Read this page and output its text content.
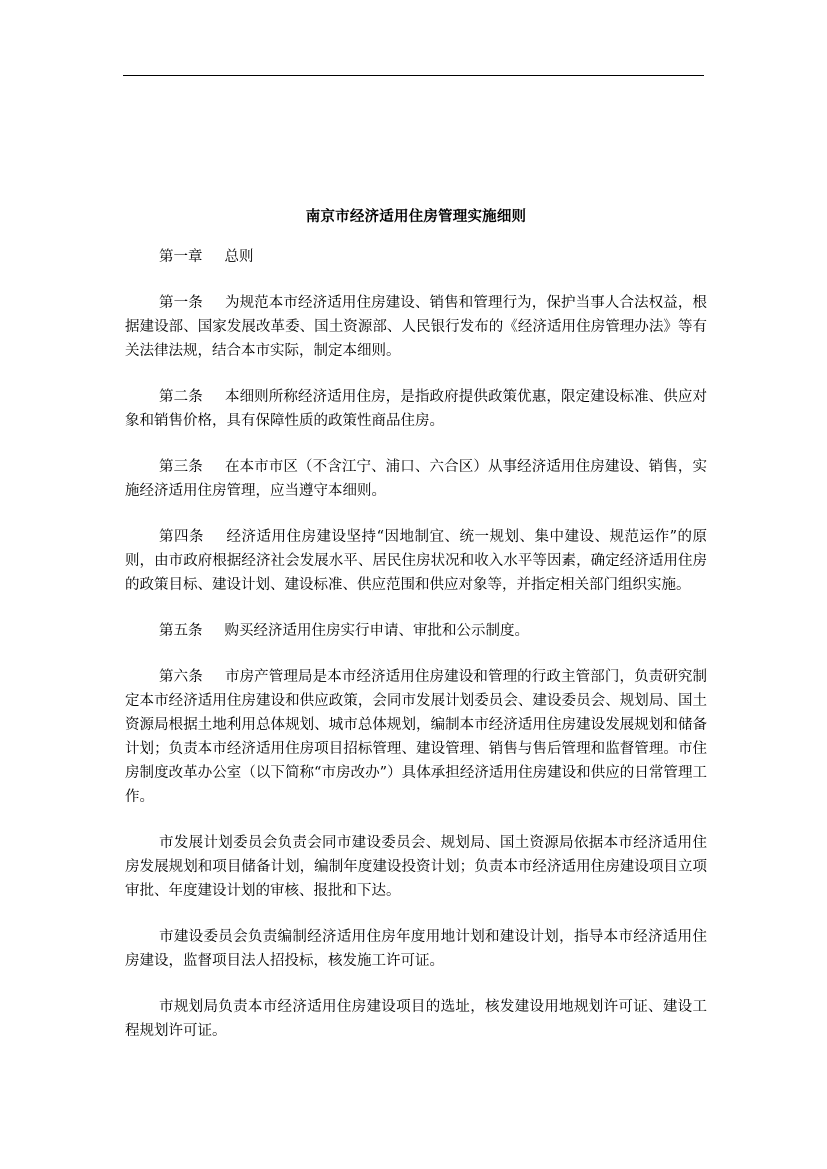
南京市经济适用住房管理实施细则

第一章 总则

第一条 为规范本市经济适用住房建设、销售和管理行为，保护当事人合法权益，根据建设部、国家发展改革委、国土资源部、人民银行发布的《经济适用住房管理办法》等有关法律法规，结合本市实际，制定本细则。

第二条 本细则所称经济适用住房，是指政府提供政策优惠，限定建设标准、供应对象和销售价格，具有保障性质的政策性商品住房。

第三条 在本市市区（不含江宁、浦口、六合区）从事经济适用住房建设、销售，实施经济适用住房管理，应当遵守本细则。

第四条 经济适用住房建设坚持“因地制宜、统一规划、集中建设、规范运作”的原则，由市政府根据经济社会发展水平、居民住房状况和收入水平等因素，确定经济适用住房的政策目标、建设计划、建设标准、供应范围和供应对象等，并指定相关部门组织实施。

第五条 购买经济适用住房实行申请、审批和公示制度。

第六条 市房产管理局是本市经济适用住房建设和管理的行政主管部门，负责研究制定本市经济适用住房建设和供应政策，会同市发展计划委员会、建设委员会、规划局、国土资源局根据土地利用总体规划、城市总体规划，编制本市经济适用住房建设发展规划和储备计划；负责本市经济适用住房项目招标管理、建设管理、销售与售后管理和监督管理。市住房制度改革办公室（以下简称“市房改办”）具体承担经济适用住房建设和供应的日常管理工作。

市发展计划委员会负责会同市建设委员会、规划局、国土资源局依据本市经济适用住房发展规划和项目储备计划，编制年度建设投资计划；负责本市经济适用住房建设项目立项审批、年度建设计划的审核、报批和下达。

市建设委员会负责编制经济适用住房年度用地计划和建设计划，指导本市经济适用住房建设，监督项目法人招投标，核发施工许可证。

市规划局负责本市经济适用住房建设项目的选址，核发建设用地规划许可证、建设工程规划许可证。
